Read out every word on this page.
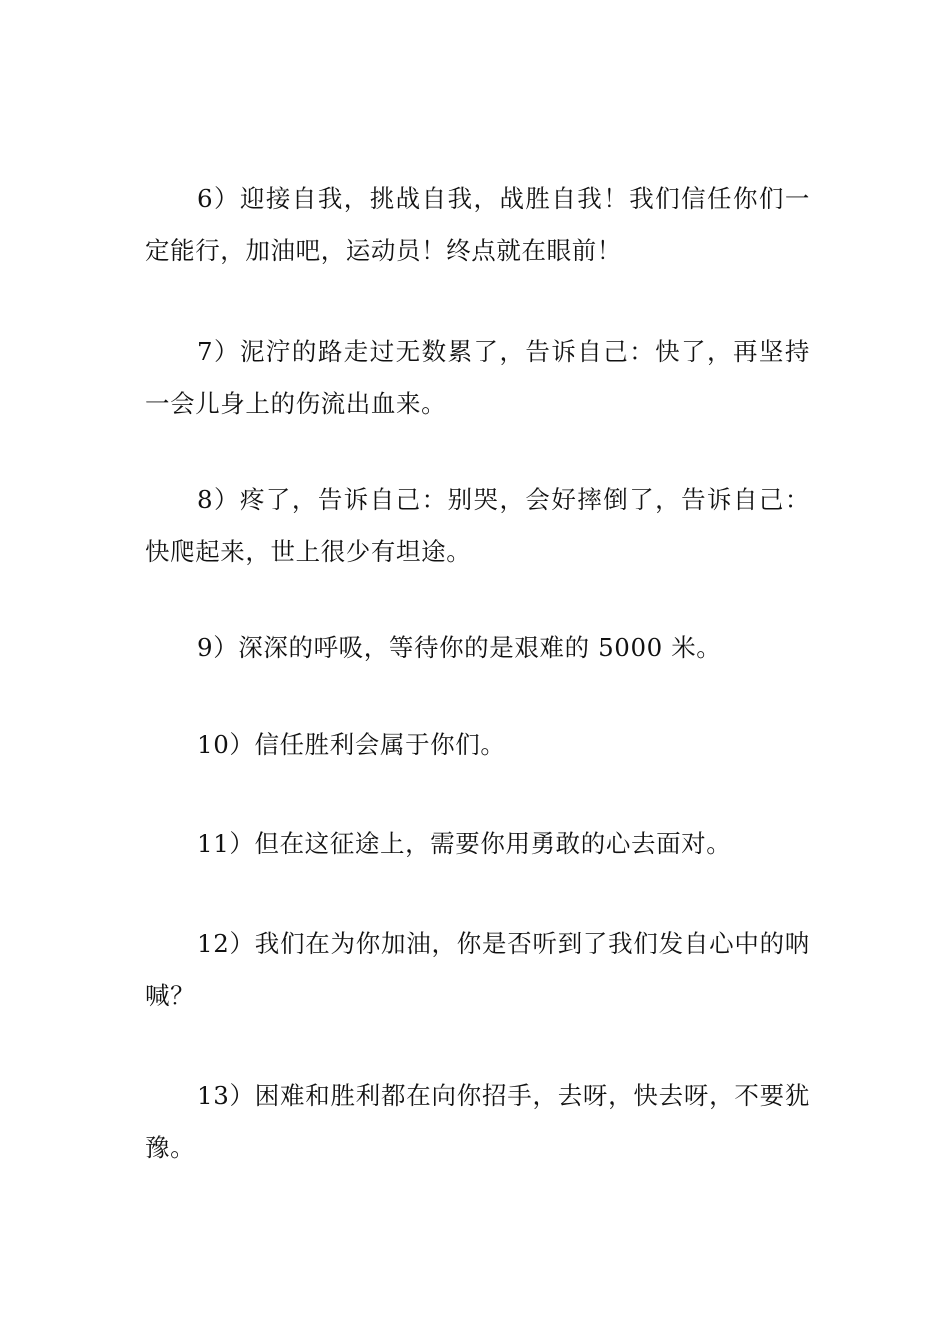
6）迎接自我，挑战自我，战胜自我！我们信任你们一定能行，加油吧，运动员！终点就在眼前！

7）泥泞的路走过无数累了，告诉自己：快了，再坚持一会儿身上的伤流出血来。

8）疼了，告诉自己：别哭，会好摔倒了，告诉自己：快爬起来，世上很少有坦途。

9）深深的呼吸，等待你的是艰难的 5000 米。

10）信任胜利会属于你们。

11）但在这征途上，需要你用勇敢的心去面对。

12）我们在为你加油，你是否听到了我们发自心中的呐喊？

13）困难和胜利都在向你招手，去呀，快去呀，不要犹豫。
